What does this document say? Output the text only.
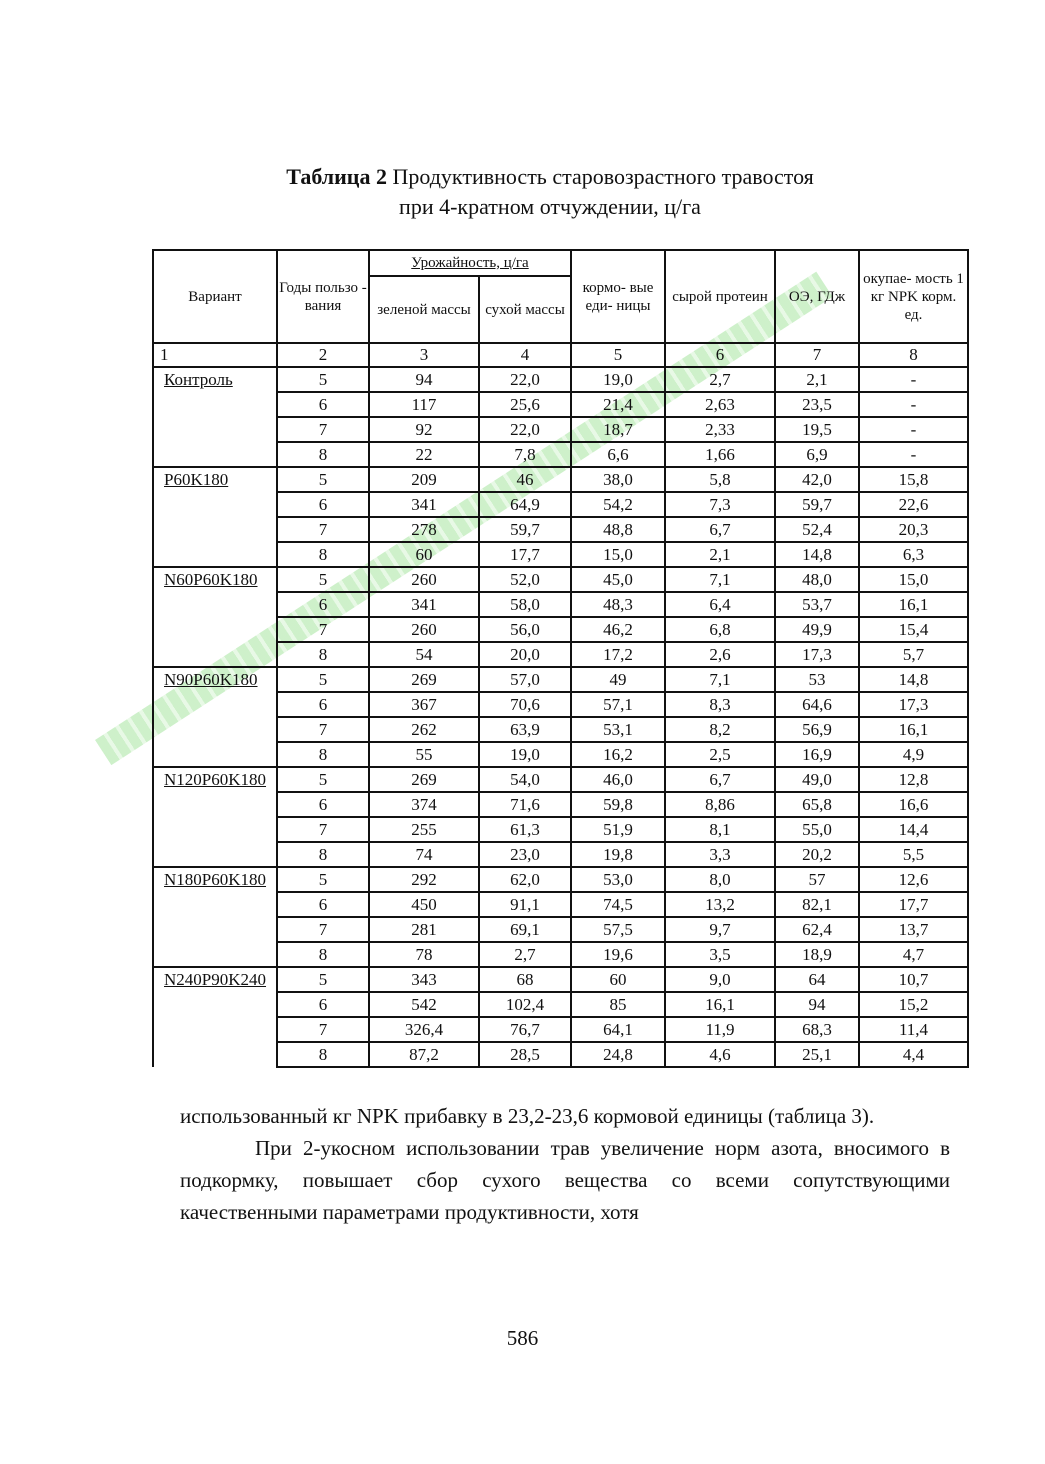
Таблица 2 Продуктивность старовозрастного травостоя
при 4-кратном отчуждении, ц/га
Вариант	Годы пользо - вания	Урожайность, ц/га		кормо- вые еди- ницы	сырой протеин	ОЭ, ГДж	окупае- мость 1 кг NPK корм. ед.
		зеленой массы	сухой массы				
1	2	3	4	5	6	7	8
Контроль	5	94	22,0	19,0	2,7	2,1	-
	6	117	25,6	21,4	2,63	23,5	-
	7	92	22,0	18,7	2,33	19,5	-
	8	22	7,8	6,6	1,66	6,9	-
P60K180	5	209	46	38,0	5,8	42,0	15,8
	6	341	64,9	54,2	7,3	59,7	22,6
	7	278	59,7	48,8	6,7	52,4	20,3
	8	60	17,7	15,0	2,1	14,8	6,3
N60P60K180	5	260	52,0	45,0	7,1	48,0	15,0
	6	341	58,0	48,3	6,4	53,7	16,1
	7	260	56,0	46,2	6,8	49,9	15,4
	8	54	20,0	17,2	2,6	17,3	5,7
N90P60K180	5	269	57,0	49	7,1	53	14,8
	6	367	70,6	57,1	8,3	64,6	17,3
	7	262	63,9	53,1	8,2	56,9	16,1
	8	55	19,0	16,2	2,5	16,9	4,9
N120P60K180	5	269	54,0	46,0	6,7	49,0	12,8
	6	374	71,6	59,8	8,86	65,8	16,6
	7	255	61,3	51,9	8,1	55,0	14,4
	8	74	23,0	19,8	3,3	20,2	5,5
N180P60K180	5	292	62,0	53,0	8,0	57	12,6
	6	450	91,1	74,5	13,2	82,1	17,7
	7	281	69,1	57,5	9,7	62,4	13,7
	8	78	2,7	19,6	3,5	18,9	4,7
N240P90K240	5	343	68	60	9,0	64	10,7
	6	542	102,4	85	16,1	94	15,2
	7	326,4	76,7	64,1	11,9	68,3	11,4
	8	87,2	28,5	24,8	4,6	25,1	4,4

использованный кг NPK прибавку в 23,2-23,6 кормовой единицы (таблица 3).

При 2-укосном использовании трав увеличение норм азота, вносимого в подкормку, повышает сбор сухого вещества со всеми сопутствующими качественными параметрами продуктивности, хотя

586
